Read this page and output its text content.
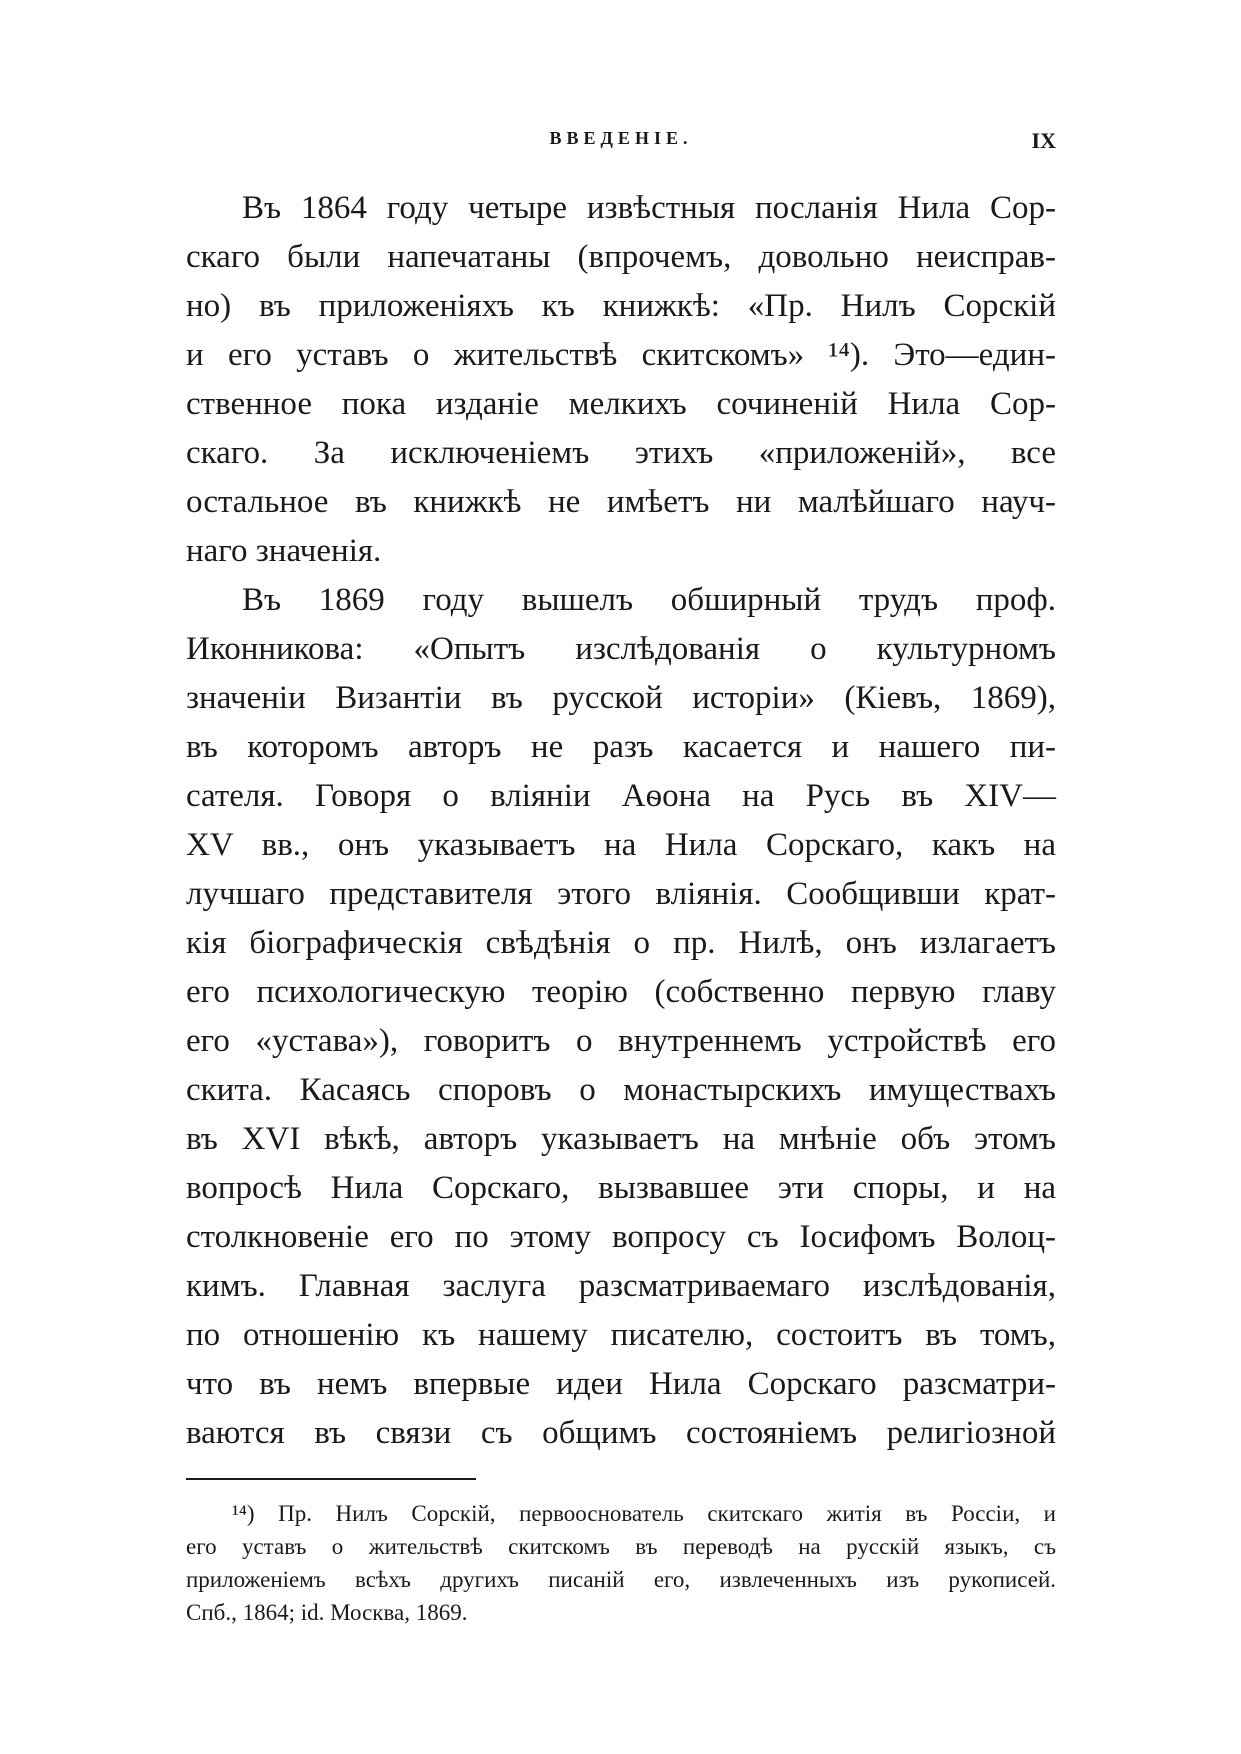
ВВЕДЕНІЕ.	IX

Въ 1864 году четыре извѣстныя посланія Нила Сор-
скаго были напечатаны (впрочемъ, довольно неисправ-
но) въ приложеніяхъ къ книжкѣ: «Пр. Нилъ Сорскій
и его уставъ о жительствѣ скитскомъ» ¹⁴). Это—един-
ственное пока изданіе мелкихъ сочиненій Нила Сор-
скаго. За исключеніемъ этихъ «приложеній», все
остальное въ книжкѣ не имѣетъ ни малѣйшаго науч-
наго значенія.

Въ 1869 году вышелъ обширный трудъ проф.
Иконникова: «Опытъ изслѣдованія о культурномъ
значеніи Византіи въ русской исторіи» (Кіевъ, 1869),
въ которомъ авторъ не разъ касается и нашего пи-
сателя. Говоря о вліяніи Аѳона на Русь въ XIV—
XV вв., онъ указываетъ на Нила Сорскаго, какъ на
лучшаго представителя этого вліянія. Сообщивши крат-
кія біографическія свѣдѣнія о пр. Нилѣ, онъ излагаетъ
его психологическую теорію (собственно первую главу
его «устава»), говоритъ о внутреннемъ устройствѣ его
скита. Касаясь споровъ о монастырскихъ имуществахъ
въ XVI вѣкѣ, авторъ указываетъ на мнѣніе объ этомъ
вопросѣ Нила Сорскаго, вызвавшее эти споры, и на
столкновеніе его по этому вопросу съ Іосифомъ Волоц-
кимъ. Главная заслуга разсматриваемаго изслѣдованія,
по отношенію къ нашему писателю, состоитъ въ томъ,
что въ немъ впервые идеи Нила Сорскаго разсматри-
ваются въ связи съ общимъ состояніемъ религіозной

¹⁴) Пр. Нилъ Сорскій, первооснователь скитскаго житія въ Россіи, и
его уставъ о жительствѣ скитскомъ въ переводѣ на русскій языкъ, съ
приложеніемъ всѣхъ другихъ писаній его, извлеченныхъ изъ рукописей.
Спб., 1864; id. Москва, 1869.
